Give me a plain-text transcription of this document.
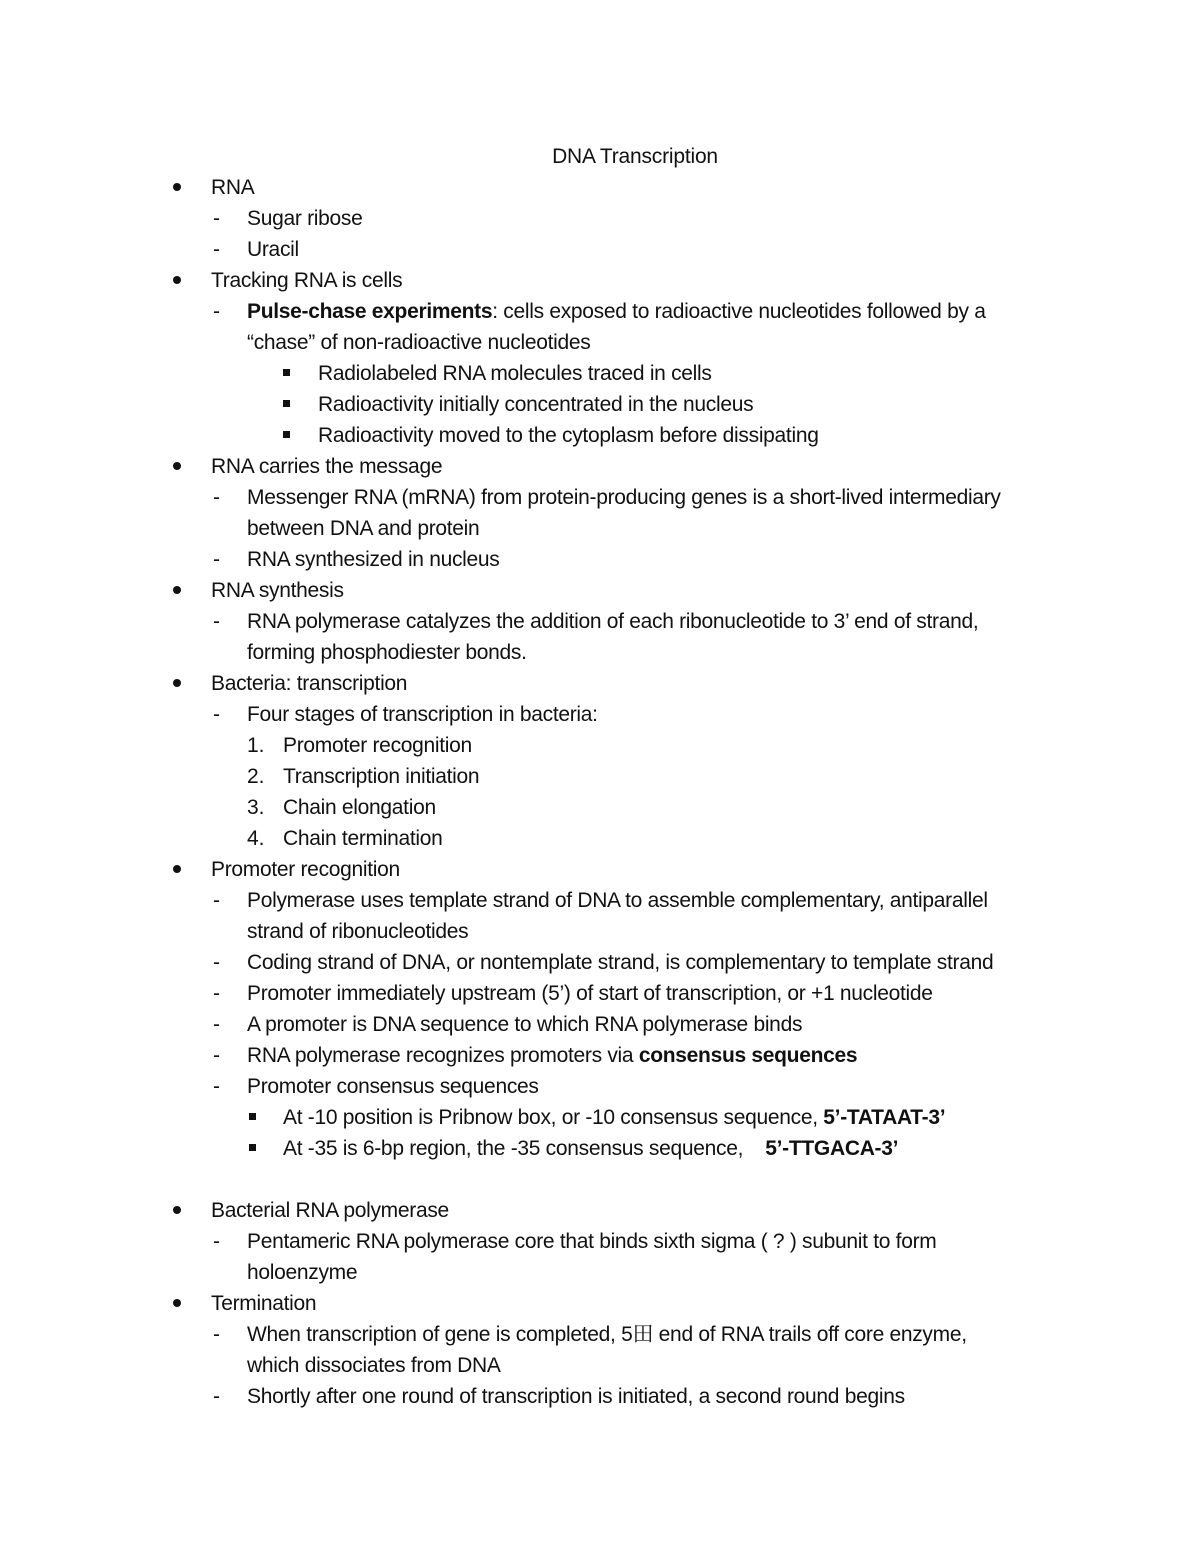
DNA Transcription
RNA
- Sugar ribose
- Uracil
Tracking RNA is cells
- Pulse-chase experiments: cells exposed to radioactive nucleotides followed by a
“chase” of non-radioactive nucleotides
Radiolabeled RNA molecules traced in cells
Radioactivity initially concentrated in the nucleus
Radioactivity moved to the cytoplasm before dissipating
RNA carries the message
- Messenger RNA (mRNA) from protein-producing genes is a short-lived intermediary
between DNA and protein
- RNA synthesized in nucleus
RNA synthesis
- RNA polymerase catalyzes the addition of each ribonucleotide to 3’ end of strand,
forming phosphodiester bonds.
Bacteria: transcription
- Four stages of transcription in bacteria:
1. Promoter recognition
2. Transcription initiation
3. Chain elongation
4. Chain termination
Promoter recognition
- Polymerase uses template strand of DNA to assemble complementary, antiparallel
strand of ribonucleotides
- Coding strand of DNA, or nontemplate strand, is complementary to template strand
- Promoter immediately upstream (5’) of start of transcription, or +1 nucleotide
- A promoter is DNA sequence to which RNA polymerase binds
- RNA polymerase recognizes promoters via consensus sequences
- Promoter consensus sequences
At -10 position is Pribnow box, or -10 consensus sequence, 5’-TATAAT-3’
At -35 is 6-bp region, the -35 consensus sequence,    5’-TTGACA-3’
Bacterial RNA polymerase
- Pentameric RNA polymerase core that binds sixth sigma ( ? ) subunit to form
holoenzyme
Termination
- When transcription of gene is completed, 5田 end of RNA trails off core enzyme,
which dissociates from DNA
- Shortly after one round of transcription is initiated, a second round begins
